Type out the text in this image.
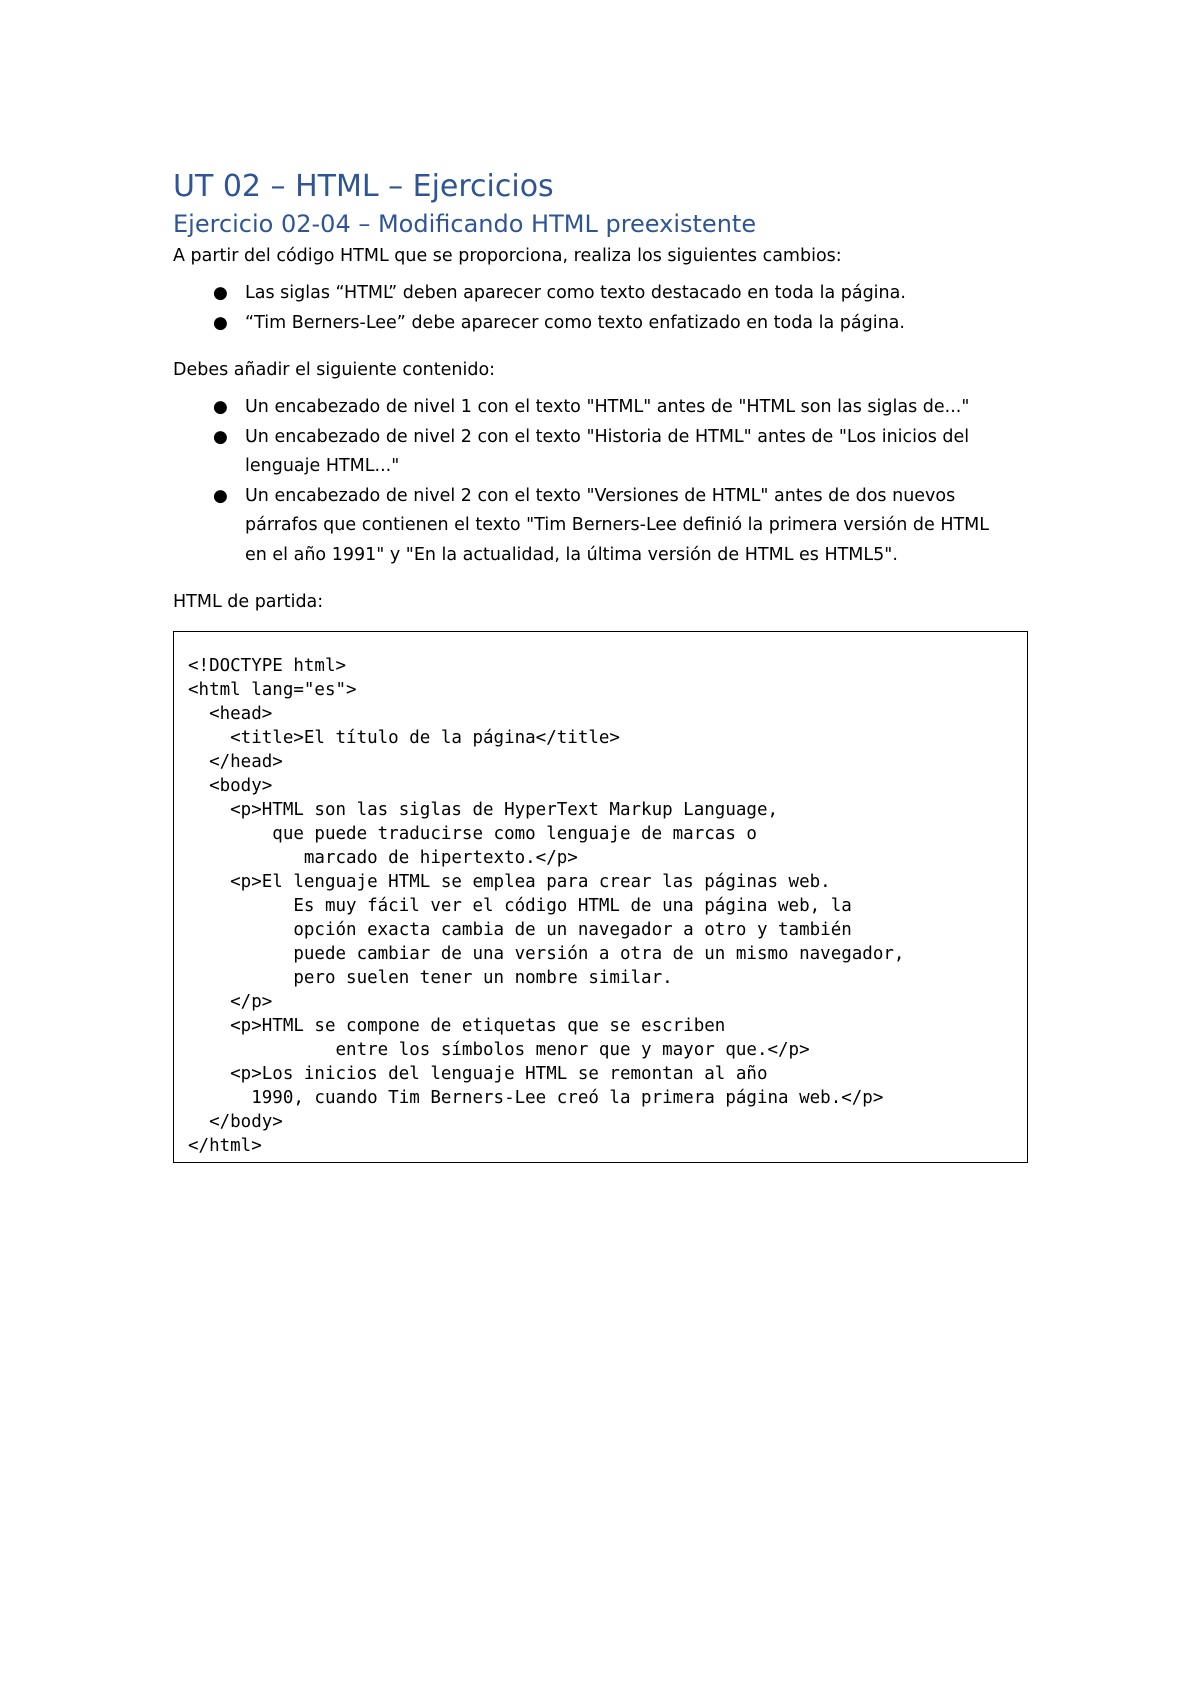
UT 02 – HTML – Ejercicios
Ejercicio 02-04 – Modificando HTML preexistente

A partir del código HTML que se proporciona, realiza los siguientes cambios:

● Las siglas “HTML” deben aparecer como texto destacado en toda la página.
● “Tim Berners-Lee” debe aparecer como texto enfatizado en toda la página.

Debes añadir el siguiente contenido:

● Un encabezado de nivel 1 con el texto "HTML" antes de "HTML son las siglas de..."
● Un encabezado de nivel 2 con el texto "Historia de HTML" antes de "Los inicios del
lenguaje HTML..."
● Un encabezado de nivel 2 con el texto "Versiones de HTML" antes de dos nuevos
párrafos que contienen el texto "Tim Berners-Lee definió la primera versión de HTML
en el año 1991" y "En la actualidad, la última versión de HTML es HTML5".

HTML de partida:

<!DOCTYPE html>
<html lang="es">
<head>
<title>El título de la página</title>
</head>
<body>
<p>HTML son las siglas de HyperText Markup Language,
que puede traducirse como lenguaje de marcas o
marcado de hipertexto.</p>
<p>El lenguaje HTML se emplea para crear las páginas web.
Es muy fácil ver el código HTML de una página web, la
opción exacta cambia de un navegador a otro y también
puede cambiar de una versión a otra de un mismo navegador,
pero suelen tener un nombre similar.
</p>
<p>HTML se compone de etiquetas que se escriben
entre los símbolos menor que y mayor que.</p>
<p>Los inicios del lenguaje HTML se remontan al año
1990, cuando Tim Berners-Lee creó la primera página web.</p>
</body>
</html>
